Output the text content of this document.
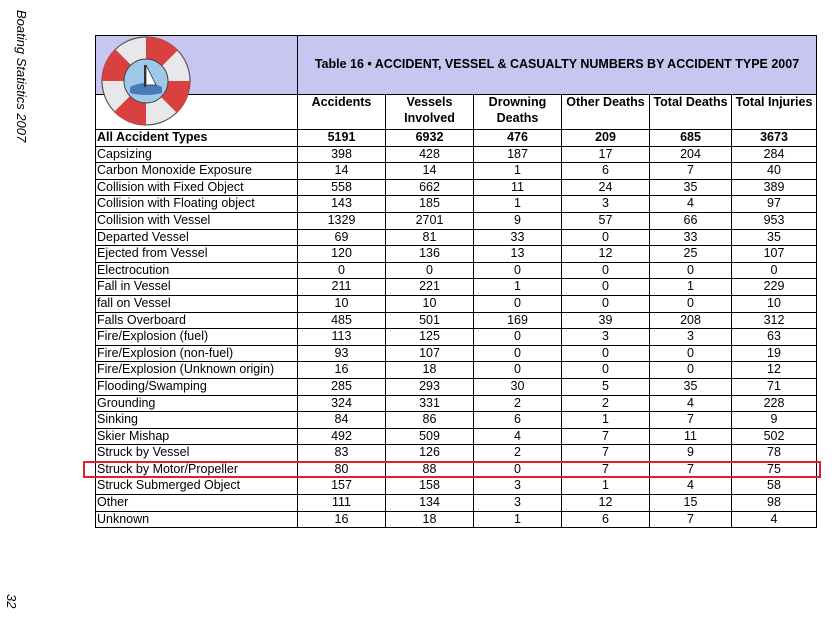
Boating Statistics 2007
32
	Table 16 • ACCIDENT, VESSEL & CASUALTY NUMBERS BY ACCIDENT TYPE 2007					
	Accidents	Vessels Involved	Drowning Deaths	Other Deaths	Total Deaths	Total Injuries
All Accident Types	5191	6932	476	209	685	3673
Capsizing	398	428	187	17	204	284
Carbon Monoxide Exposure	14	14	1	6	7	40
Collision with Fixed Object	558	662	11	24	35	389
Collision with Floating object	143	185	1	3	4	97
Collision with Vessel	1329	2701	9	57	66	953
Departed Vessel	69	81	33	0	33	35
Ejected from Vessel	120	136	13	12	25	107
Electrocution	0	0	0	0	0	0
Fall in Vessel	211	221	1	0	1	229
fall on Vessel	10	10	0	0	0	10
Falls Overboard	485	501	169	39	208	312
Fire/Explosion (fuel)	113	125	0	3	3	63
Fire/Explosion (non-fuel)	93	107	0	0	0	19
Fire/Explosion (Unknown origin)	16	18	0	0	0	12
Flooding/Swamping	285	293	30	5	35	71
Grounding	324	331	2	2	4	228
Sinking	84	86	6	1	7	9
Skier Mishap	492	509	4	7	11	502
Struck by Vessel	83	126	2	7	9	78
Struck by Motor/Propeller	80	88	0	7	7	75
Struck Submerged Object	157	158	3	1	4	58
Other	111	134	3	12	15	98
Unknown	16	18	1	6	7	4
